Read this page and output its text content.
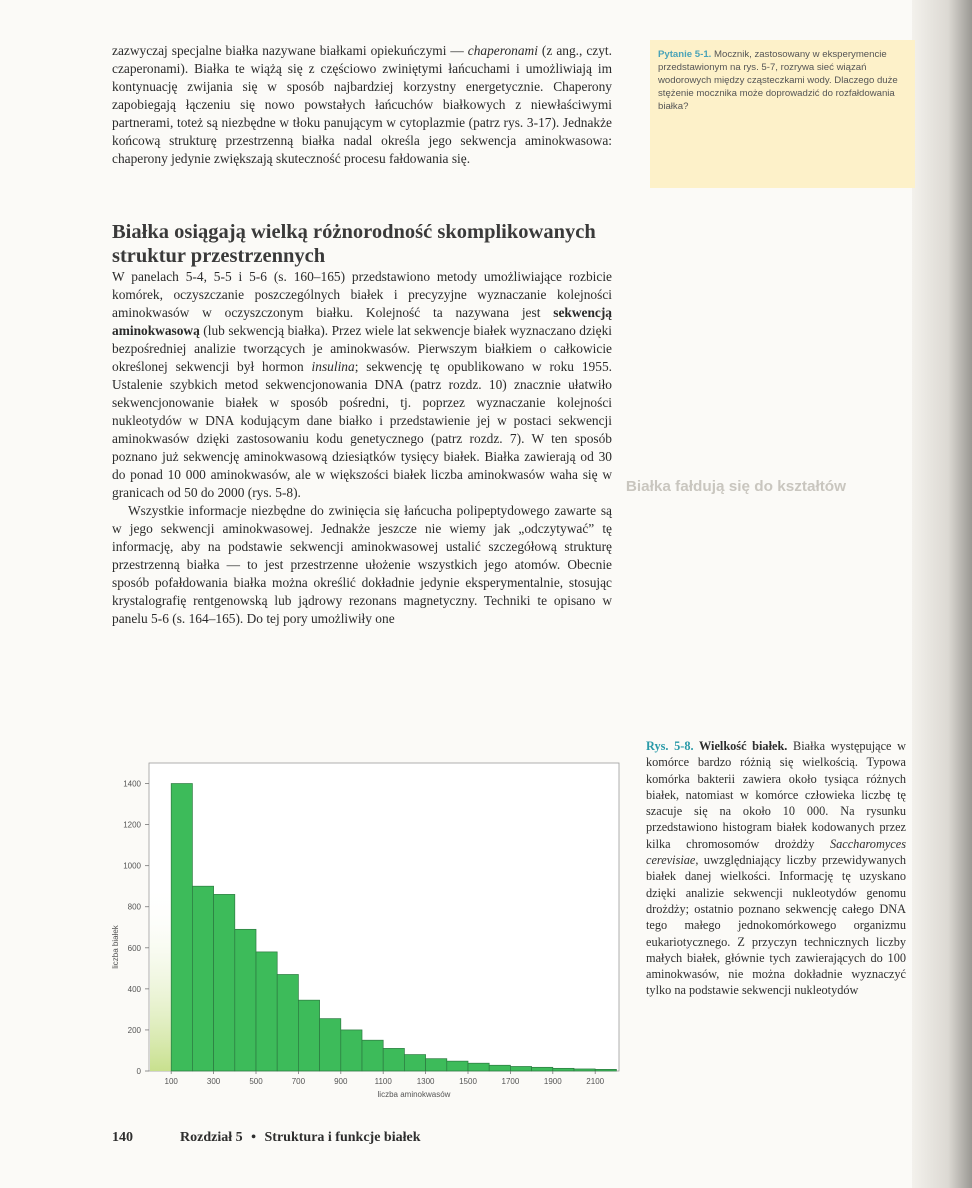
Białka fałdują się do kształtów
zazwyczaj specjalne białka nazywane białkami opiekuńczymi — chaperonami (z ang., czyt. czaperonami). Białka te wiążą się z częściowo zwiniętymi łańcuchami i umożliwiają im kontynuację zwijania się w sposób najbardziej korzystny energetycznie. Chaperony zapobiegają łączeniu się nowo powstałych łańcuchów białkowych z niewłaściwymi partnerami, toteż są niezbędne w tłoku panującym w cytoplazmie (patrz rys. 3-17). Jednakże końcową strukturę przestrzenną białka nadal określa jego sekwencja aminokwasowa: chaperony jedynie zwiększają skuteczność procesu fałdowania się.
Pytanie 5-1. Mocznik, zastosowany w eksperymencie przedstawionym na rys. 5-7, rozrywa sieć wiązań wodorowych między cząsteczkami wody. Dlaczego duże stężenie mocznika może doprowadzić do rozfałdowania białka?
Białka osiągają wielką różnorodność skomplikowanych struktur przestrzennych

W panelach 5-4, 5-5 i 5-6 (s. 160–165) przedstawiono metody umożliwiające rozbicie komórek, oczyszczanie poszczególnych białek i precyzyjne wyznaczanie kolejności aminokwasów w oczyszczonym białku. Kolejność ta nazywana jest sekwencją aminokwasową (lub sekwencją białka). Przez wiele lat sekwencje białek wyznaczano dzięki bezpośredniej analizie tworzących je aminokwasów. Pierwszym białkiem o całkowicie określonej sekwencji był hormon insulina; sekwencję tę opublikowano w roku 1955. Ustalenie szybkich metod sekwencjonowania DNA (patrz rozdz. 10) znacznie ułatwiło sekwencjonowanie białek w sposób pośredni, tj. poprzez wyznaczanie kolejności nukleotydów w DNA kodującym dane białko i przedstawienie jej w postaci sekwencji aminokwasów dzięki zastosowaniu kodu genetycznego (patrz rozdz. 7). W ten sposób poznano już sekwencję aminokwasową dziesiątków tysięcy białek. Białka zawierają od 30 do ponad 10 000 aminokwasów, ale w większości białek liczba aminokwasów waha się w granicach od 50 do 2000 (rys. 5-8).

Wszystkie informacje niezbędne do zwinięcia się łańcucha polipeptydowego zawarte są w jego sekwencji aminokwasowej. Jednakże jeszcze nie wiemy jak „odczytywać” tę informację, aby na podstawie sekwencji aminokwasowej ustalić szczegółową strukturę przestrzenną białka — to jest przestrzenne ułożenie wszystkich jego atomów. Obecnie sposób pofałdowania białka można określić dokładnie jedynie eksperymentalnie, stosując krystalografię rentgenowską lub jądrowy rezonans magnetyczny. Techniki te opisano w panelu 5-6 (s. 164–165). Do tej pory umożliwiły one

0
200
400
600
800
1000
1200
1400
100	300	500	700	900	1100	1300	1500	1700	1900	2100
liczba aminokwasów
liczba białek
Rys. 5-8. Wielkość białek. Białka występujące w komórce bardzo różnią się wielkością. Typowa komórka bakterii zawiera około tysiąca różnych białek, natomiast w komórce człowieka liczbę tę szacuje się na około 10 000. Na rysunku przedstawiono histogram białek kodowanych przez kilka chromosomów drożdży Saccharomyces cerevisiae, uwzględniający liczby przewidywanych białek danej wielkości. Informację tę uzyskano dzięki analizie sekwencji nukleotydów genomu drożdży; ostatnio poznano sekwencję całego DNA tego małego jednokomórkowego organizmu eukariotycznego. Z przyczyn technicznych liczby małych białek, głównie tych zawierających do 100 aminokwasów, nie można dokładnie wyznaczyć tylko na podstawie sekwencji nukleotydów
140	Rozdział 5 • Struktura i funkcje białek
